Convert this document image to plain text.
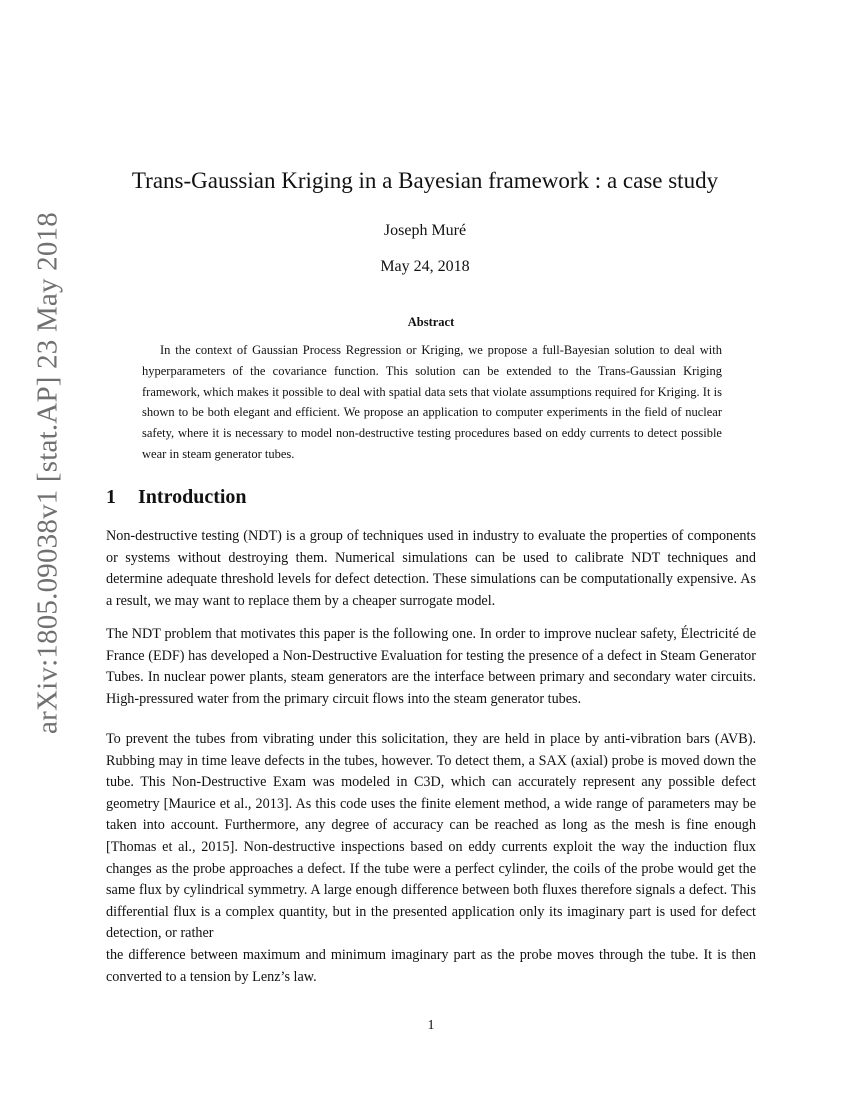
arXiv:1805.09038v1 [stat.AP] 23 May 2018
Trans-Gaussian Kriging in a Bayesian framework : a case study
Joseph Muré
May 24, 2018
Abstract
In the context of Gaussian Process Regression or Kriging, we propose a full-Bayesian solution to deal with hyperparameters of the covariance function. This solution can be extended to the Trans-Gaussian Kriging framework, which makes it possible to deal with spatial data sets that violate assumptions required for Kriging. It is shown to be both elegant and efficient. We propose an application to computer experiments in the field of nuclear safety, where it is necessary to model non-destructive testing procedures based on eddy currents to detect possible wear in steam generator tubes.
1 Introduction
Non-destructive testing (NDT) is a group of techniques used in industry to evaluate the properties of components or systems without destroying them. Numerical simulations can be used to calibrate NDT techniques and determine adequate threshold levels for defect detection. These simulations can be computationally expensive. As a result, we may want to replace them by a cheaper surrogate model.
The NDT problem that motivates this paper is the following one. In order to improve nuclear safety, Électricité de France (EDF) has developed a Non-Destructive Evaluation for testing the presence of a defect in Steam Generator Tubes. In nuclear power plants, steam generators are the interface between primary and secondary water circuits. High-pressured water from the primary circuit flows into the steam generator tubes.
To prevent the tubes from vibrating under this solicitation, they are held in place by anti-vibration bars (AVB). Rubbing may in time leave defects in the tubes, however. To detect them, a SAX (axial) probe is moved down the tube. This Non-Destructive Exam was modeled in C3D, which can accurately represent any possible defect geometry [Maurice et al., 2013]. As this code uses the finite element method, a wide range of parameters may be taken into account. Furthermore, any degree of accuracy can be reached as long as the mesh is fine enough [Thomas et al., 2015]. Non-destructive inspections based on eddy currents exploit the way the induction flux changes as the probe approaches a defect. If the tube were a perfect cylinder, the coils of the probe would get the same flux by cylindrical symmetry. A large enough difference between both fluxes therefore signals a defect. This differential flux is a complex quantity, but in the presented application only its imaginary part is used for defect detection, or rather
the difference between maximum and minimum imaginary part as the probe moves through the tube. It is then converted to a tension by Lenz’s law.
1
